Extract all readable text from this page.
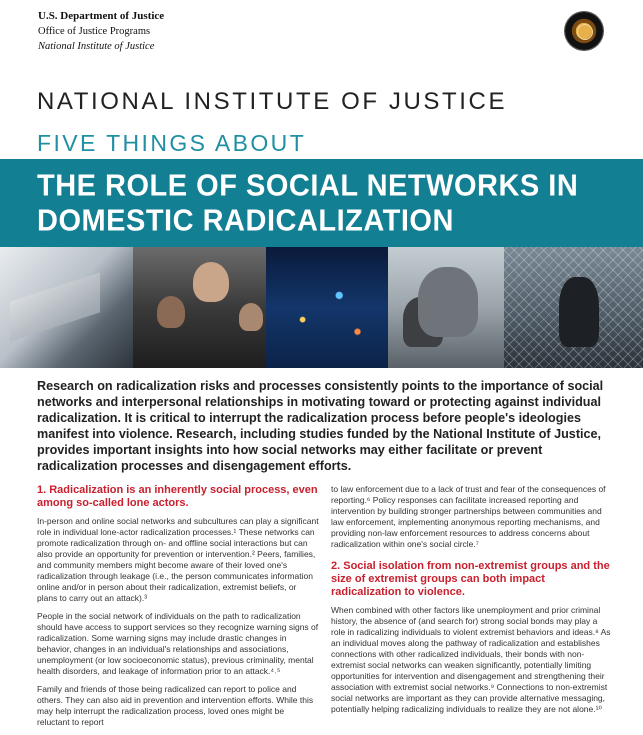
U.S. Department of Justice
Office of Justice Programs
National Institute of Justice
NATIONAL INSTITUTE OF JUSTICE
FIVE THINGS ABOUT
THE ROLE OF SOCIAL NETWORKS IN
DOMESTIC RADICALIZATION

Research on radicalization risks and processes consistently points to the importance of social networks and interpersonal relationships in motivating toward or protecting against individual radicalization. It is critical to interrupt the radicalization process before people's ideologies manifest into violence. Research, including studies funded by the National Institute of Justice, provides important insights into how social networks may either facilitate or prevent radicalization processes and disengagement efforts.

1. Radicalization is an inherently social process, even among so-called lone actors.

In-person and online social networks and subcultures can play a significant role in individual lone-actor radicalization processes.¹ These networks can promote radicalization through on- and offline social interactions but can also provide an opportunity for prevention or intervention.² Peers, families, and community members might become aware of their loved one's radicalization through leakage (i.e., the person communicates information online and/or in person about their radicalization, extremist beliefs, or plans to carry out an attack).³

People in the social network of individuals on the path to radicalization should have access to support services so they recognize warning signs of radicalization. Some warning signs may include drastic changes in behavior, changes in an individual's relationships and associations, unemployment (or low socioeconomic status), previous criminality, mental health disorders, and leakage of information prior to an attack.⁴˒⁵

Family and friends of those being radicalized can report to police and others. They can also aid in prevention and intervention efforts. While this may help interrupt the radicalization process, loved ones might be reluctant to report

to law enforcement due to a lack of trust and fear of the consequences of reporting.⁶ Policy responses can facilitate increased reporting and intervention by building stronger partnerships between communities and law enforcement, implementing anonymous reporting mechanisms, and providing non-law enforcement resources to address concerns about radicalization within one's social circle.⁷

2. Social isolation from non-extremist groups and the size of extremist groups can both impact radicalization to violence.

When combined with other factors like unemployment and prior criminal history, the absence of (and search for) strong social bonds may play a role in radicalizing individuals to violent extremist behaviors and ideas.⁸ As an individual moves along the pathway of radicalization and establishes connections with other radicalized individuals, their bonds with non-extremist social networks can weaken significantly, potentially limiting opportunities for intervention and disengagement and strengthening their association with extremist social networks.⁹ Connections to non-extremist social networks are important as they can provide alternative messaging, potentially helping radicalizing individuals to realize they are not alone.¹⁰
